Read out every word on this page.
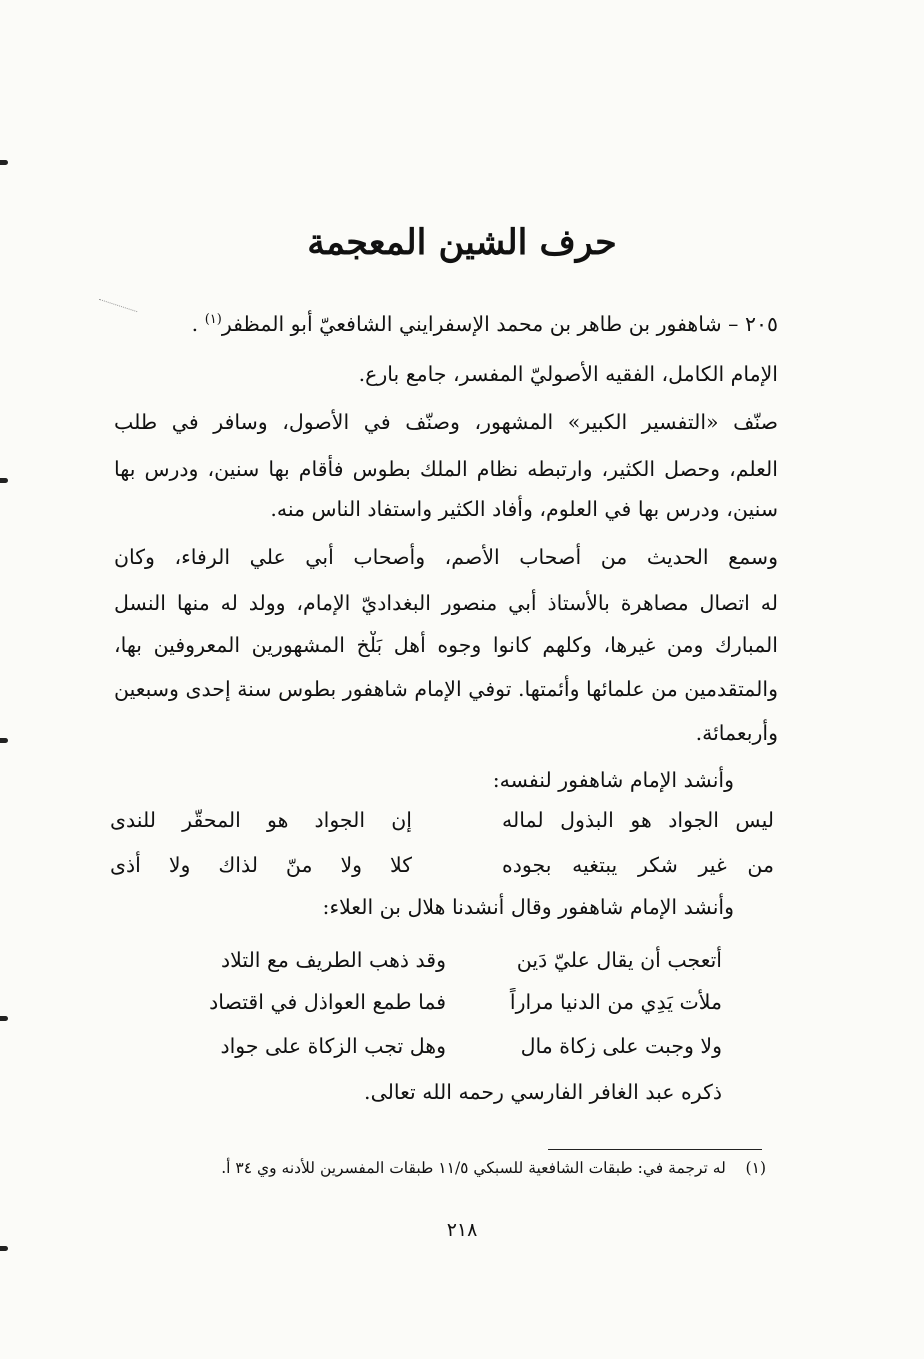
حرف الشين المعجمة
٢٠٥ – شاهفور بن طاهر بن محمد الإسفرايني الشافعيّ أبو المظفر$^{(١)}$ .
الإمام الكامل، الفقيه الأصوليّ المفسر، جامع بارع.
صنّف «التفسير الكبير» المشهور، وصنّف في الأصول، وسافر في طلب
العلم، وحصل الكثير، وارتبطه نظام الملك بطوس فأقام بها سنين، ودرس بها
سنين، ودرس بها في العلوم، وأفاد الكثير واستفاد الناس منه.
وسمع الحديث من أصحاب الأصم، وأصحاب أبي علي الرفاء، وكان
له اتصال مصاهرة بالأستاذ أبي منصور البغداديّ الإمام، وولد له منها النسل
المبارك ومن غيرها، وكلهم كانوا وجوه أهل بَلْخ المشهورين المعروفين بها،
والمتقدمين من علمائها وأئمتها. توفي الإمام شاهفور بطوس سنة إحدى وسبعين
وأربعمائة.
وأنشد الإمام شاهفور لنفسه:
ليس الجواد هو البذول لماله
إن الجواد هو المحقّر للندى
من غير شكر يبتغيه بجوده
كلا ولا منّ لذاك ولا أذى
وأنشد الإمام شاهفور وقال أنشدنا هلال بن العلاء:
أتعجب أن يقال عليّ دَين
وقد ذهب الطريف مع التلاد
ملأت يَدِي من الدنيا مراراً
فما طمع العواذل في اقتصاد
ولا وجبت على زكاة مال
وهل تجب الزكاة على جواد
ذكره عبد الغافر الفارسي رحمه الله تعالى.
(١)    له ترجمة في: طبقات الشافعية للسبكي ١١/٥ طبقات المفسرين للأدنه وي ٣٤ أ.
٢١٨
